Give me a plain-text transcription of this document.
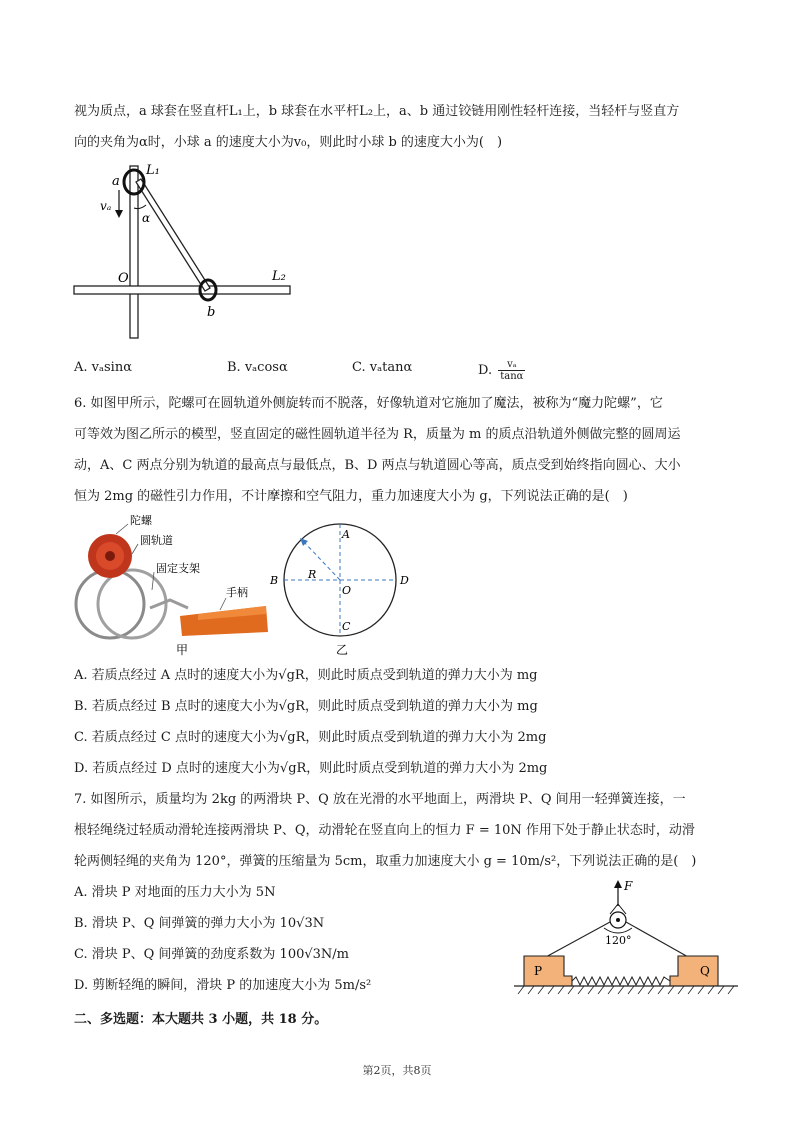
视为质点，a 球套在竖直杆L₁上，b 球套在水平杆L₂上，a、b 通过铰链用刚性轻杆连接，当轻杆与竖直方
向的夹角为α时，小球 a 的速度大小为v₀，则此时小球 b 的速度大小为(　)
a
L₁
vₐ
α
O	L₂
b
A. vₐsinα	B. vₐcosα	C. vₐtanα	D. $\frac{\text{vₐ}}{\tan\alpha}$
6. 如图甲所示，陀螺可在圆轨道外侧旋转而不脱落，好像轨道对它施加了魔法，被称为“魔力陀螺”，它
可等效为图乙所示的模型，竖直固定的磁性圆轨道半径为 R，质量为 m 的质点沿轨道外侧做完整的圆周运
动，A、C 两点分别为轨道的最高点与最低点，B、D 两点与轨道圆心等高，质点受到始终指向圆心、大小
恒为 2mg 的磁性引力作用，不计摩擦和空气阻力，重力加速度大小为 g，下列说法正确的是(　)
陀螺
圆轨道
固定支架
手柄
甲
A
B
C
D
O
R
乙
A. 若质点经过 A 点时的速度大小为√gR，则此时质点受到轨道的弹力大小为 mg
B. 若质点经过 B 点时的速度大小为√gR，则此时质点受到轨道的弹力大小为 mg
C. 若质点经过 C 点时的速度大小为√gR，则此时质点受到轨道的弹力大小为 2mg
D. 若质点经过 D 点时的速度大小为√gR，则此时质点受到轨道的弹力大小为 2mg
7. 如图所示，质量均为 2kg 的两滑块 P、Q 放在光滑的水平地面上，两滑块 P、Q 间用一轻弹簧连接，一
根轻绳绕过轻质动滑轮连接两滑块 P、Q，动滑轮在竖直向上的恒力 F = 10N 作用下处于静止状态时，动滑
轮两侧轻绳的夹角为 120°，弹簧的压缩量为 5cm，取重力加速度大小 g = 10m/s²，下列说法正确的是(　)
A. 滑块 P 对地面的压力大小为 5N
B. 滑块 P、Q 间弹簧的弹力大小为 10√3N
C. 滑块 P、Q 间弹簧的劲度系数为 100√3N/m
D. 剪断轻绳的瞬间，滑块 P 的加速度大小为 5m/s²
F
120°
P	Q
二、多选题：本大题共 3 小题，共 18 分。
第2页，共8页
